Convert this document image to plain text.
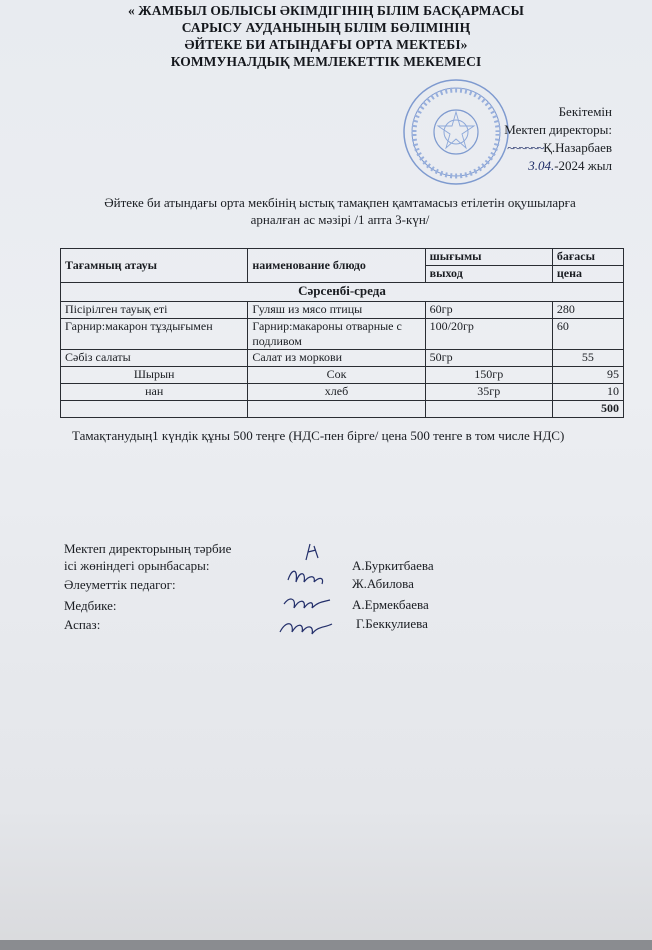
« ЖАМБЫЛ ОБЛЫСЫ ӘКІМДІГІНІҢ БІЛІМ БАСҚАРМАСЫ
САРЫСУ АУДАНЫНЫҢ БІЛІМ БӨЛІМІНІҢ
ӘЙТЕКЕ БИ АТЫНДАҒЫ ОРТА МЕКТЕБІ»
КОММУНАЛДЫҚ МЕМЛЕКЕТТІК МЕКЕМЕСІ
Бекітемін
Мектеп директоры:
~~~~~~Қ.Назарбаев
3.04.-2024 жыл
Әйтеке би атындағы орта мекбінің ыстық тамақпен қамтамасыз етілетін оқушыларға
арналған ас мәзірі /1 апта 3-күн/
Тағамның атауы	наименование блюдо	шығымы	бағасы
		выход	цена
Сәрсенбі-среда			
Пісірілген тауық еті	Гуляш из мясо птицы	60гр	280
Гарнир:макарон тұздығымен	Гарнир:макароны отварные с подливом	100/20гр	60
Сәбіз салаты	Салат из моркови	50гр	55
Шырын	Сок	150гр	95
нан	хлеб	35гр	10
			500
Тамақтанудың1 күндік құны 500 теңге (НДС-пен бірге/ цена 500 тенге в том числе НДС)
Мектеп директорының тәрбие
ісі жөніндегі орынбасары:	А.Буркитбаева
Әлеуметтік педагог:	Ж.Абилова
Медбике:	А.Ермекбаева
Аспаз:	Г.Беккулиева
